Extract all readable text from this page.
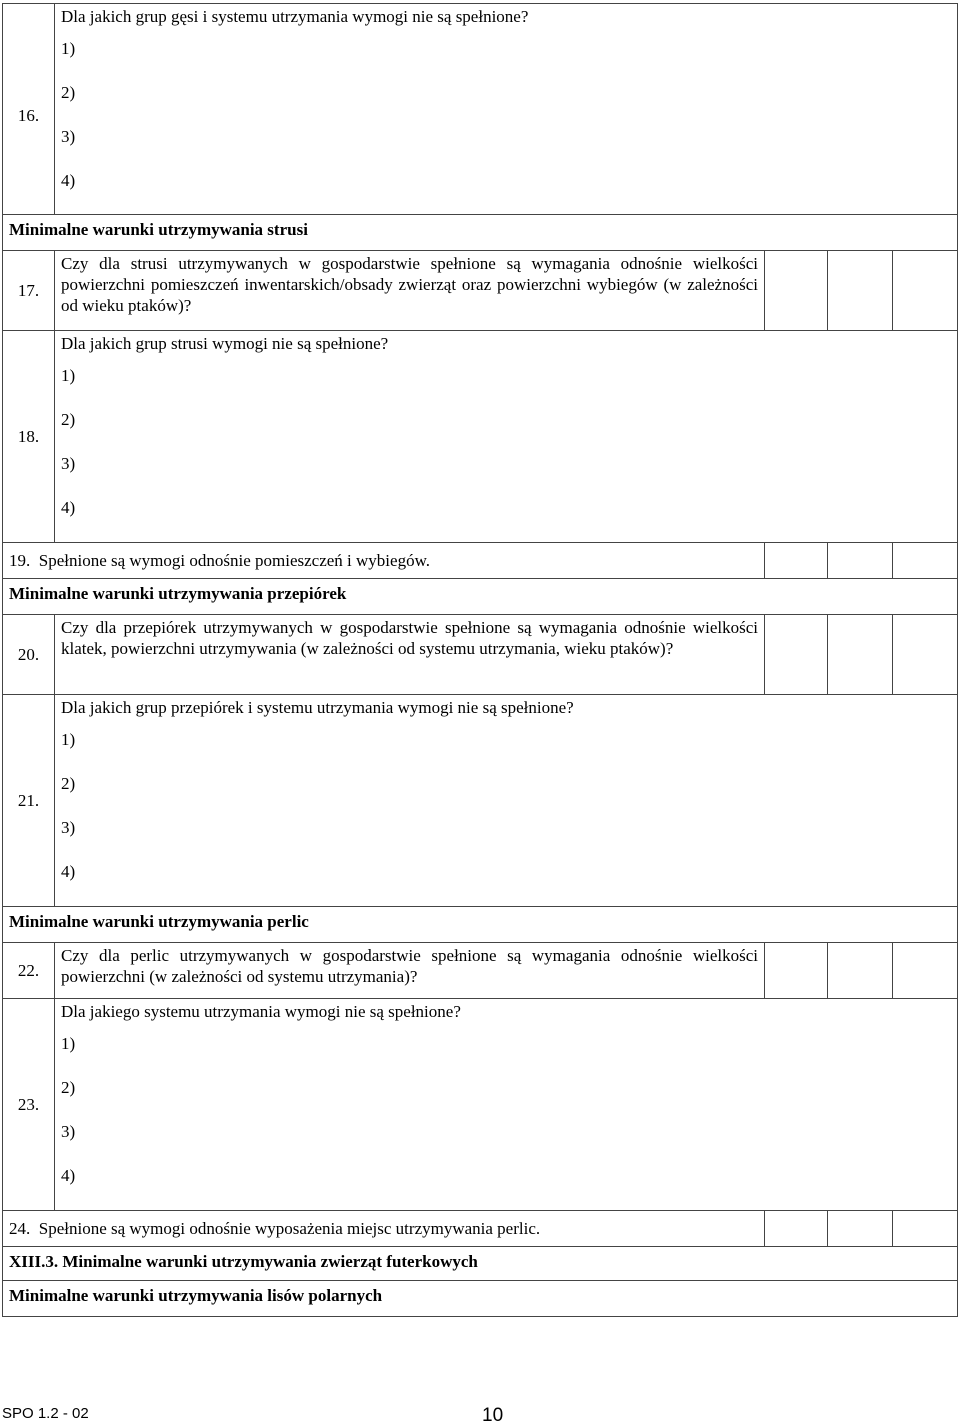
16.	Dla jakich grup gęsi i systemu utrzymania wymogi nie są spełnione?
1)
2)
3)
4)			

Minimalne warunki utrzymywania strusi				
17.	Czy dla strusi utrzymywanych w gospodarstwie spełnione są wymagania odnośnie wielkości powierzchni pomieszczeń inwentarskich/obsady zwierząt oraz powierzchni wybiegów (w zależności od wieku ptaków)?			
18.	Dla jakich grup strusi wymogi nie są spełnione?
1)
2)
3)
4)			

19. Spełnione są wymogi odnośnie pomieszczeń i wybiegów.				
Minimalne warunki utrzymywania przepiórek				
20.	Czy dla przepiórek utrzymywanych w gospodarstwie spełnione są wymagania odnośnie wielkości klatek, powierzchni utrzymywania (w zależności od systemu utrzymania, wieku ptaków)?			
21.	Dla jakich grup przepiórek i systemu utrzymania wymogi nie są spełnione?
1)
2)
3)
4)			

Minimalne warunki utrzymywania perlic				
22.	Czy dla perlic utrzymywanych w gospodarstwie spełnione są wymagania odnośnie wielkości powierzchni (w zależności od systemu utrzymania)?			
23.	Dla jakiego systemu utrzymania wymogi nie są spełnione?
1)
2)
3)
4)			

24. Spełnione są wymogi odnośnie wyposażenia miejsc utrzymywania perlic.				
XIII.3. Minimalne warunki utrzymywania zwierząt futerkowych				
Minimalne warunki utrzymywania lisów polarnych				
SPO 1.2 - 02	10
